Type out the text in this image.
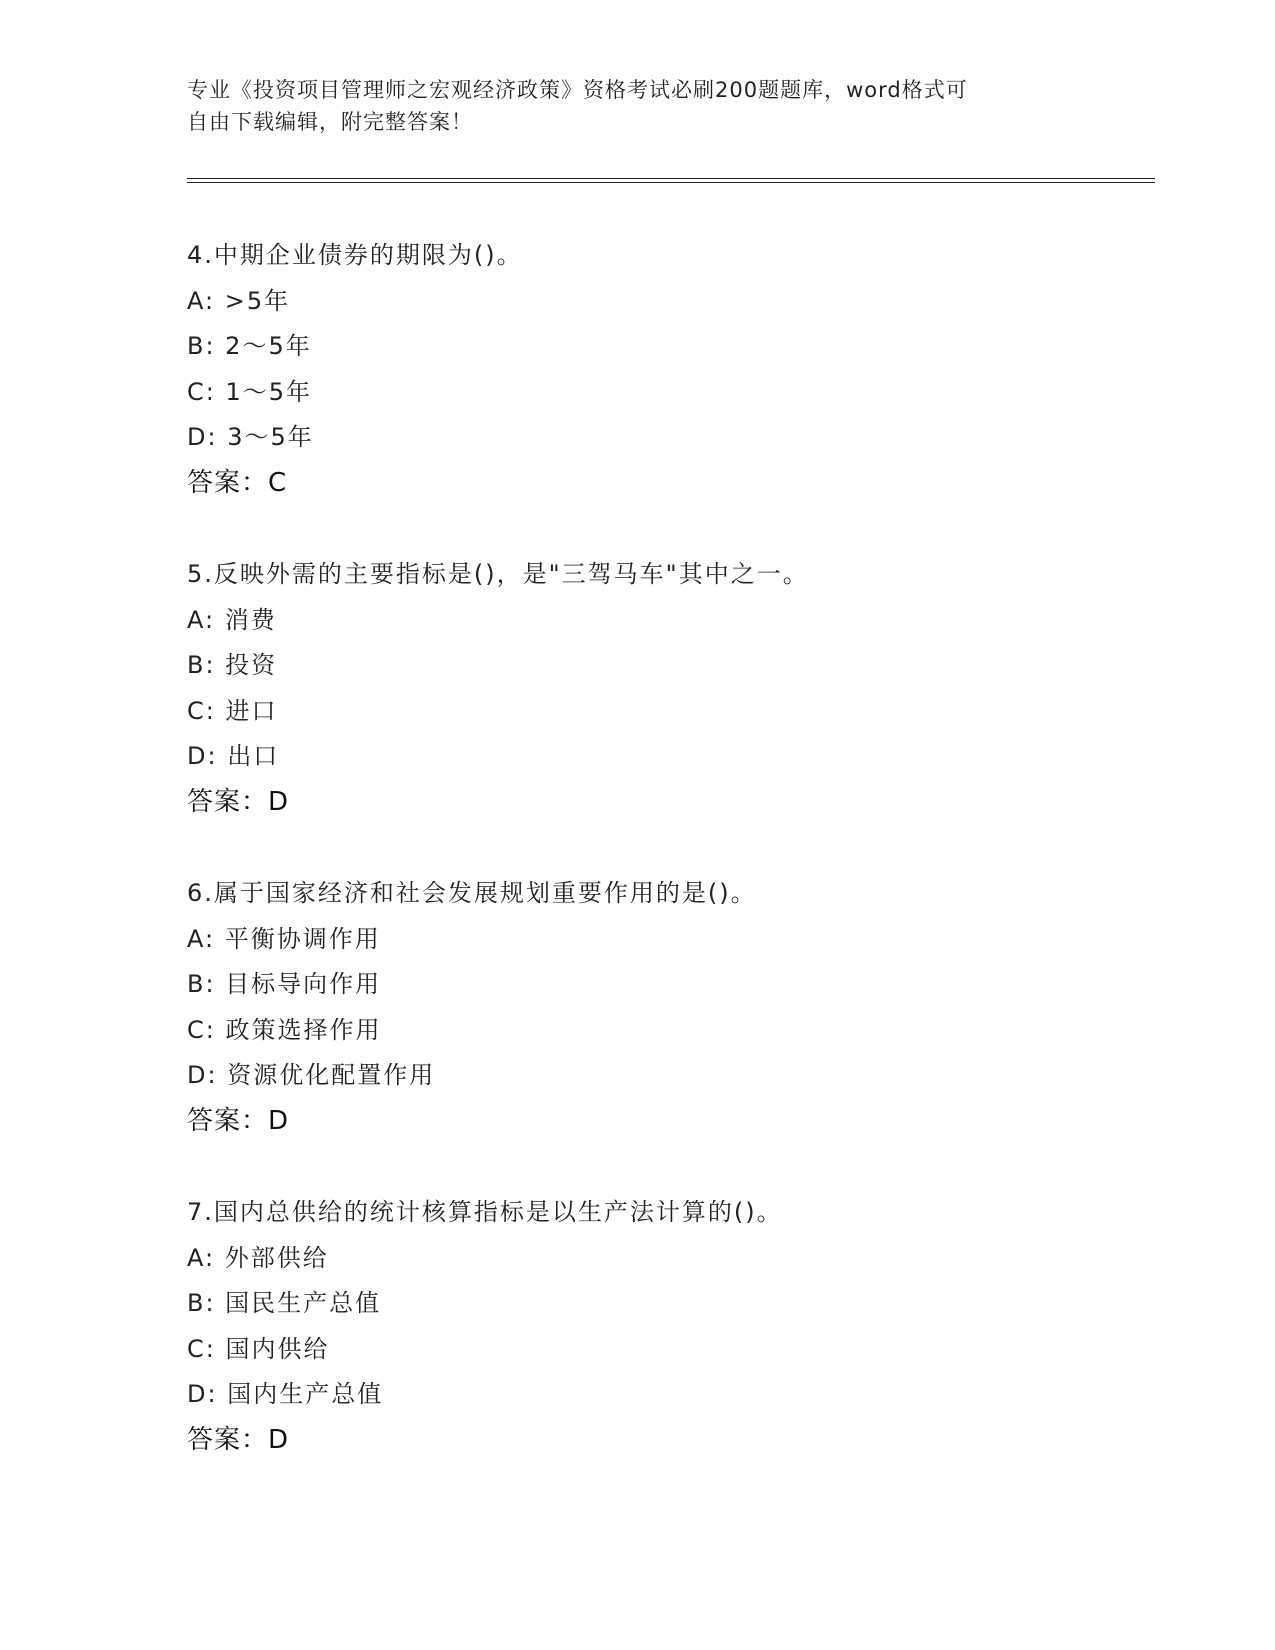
专业《投资项目管理师之宏观经济政策》资格考试必刷200题题库，word格式可
自由下载编辑，附完整答案！
4.中期企业债券的期限为()。
A: >5年
B: 2～5年
C: 1～5年
D: 3～5年
答案：C
5.反映外需的主要指标是()，是"三驾马车"其中之一。
A: 消费
B: 投资
C: 进口
D: 出口
答案：D
6.属于国家经济和社会发展规划重要作用的是()。
A: 平衡协调作用
B: 目标导向作用
C: 政策选择作用
D: 资源优化配置作用
答案：D
7.国内总供给的统计核算指标是以生产法计算的()。
A: 外部供给
B: 国民生产总值
C: 国内供给
D: 国内生产总值
答案：D
